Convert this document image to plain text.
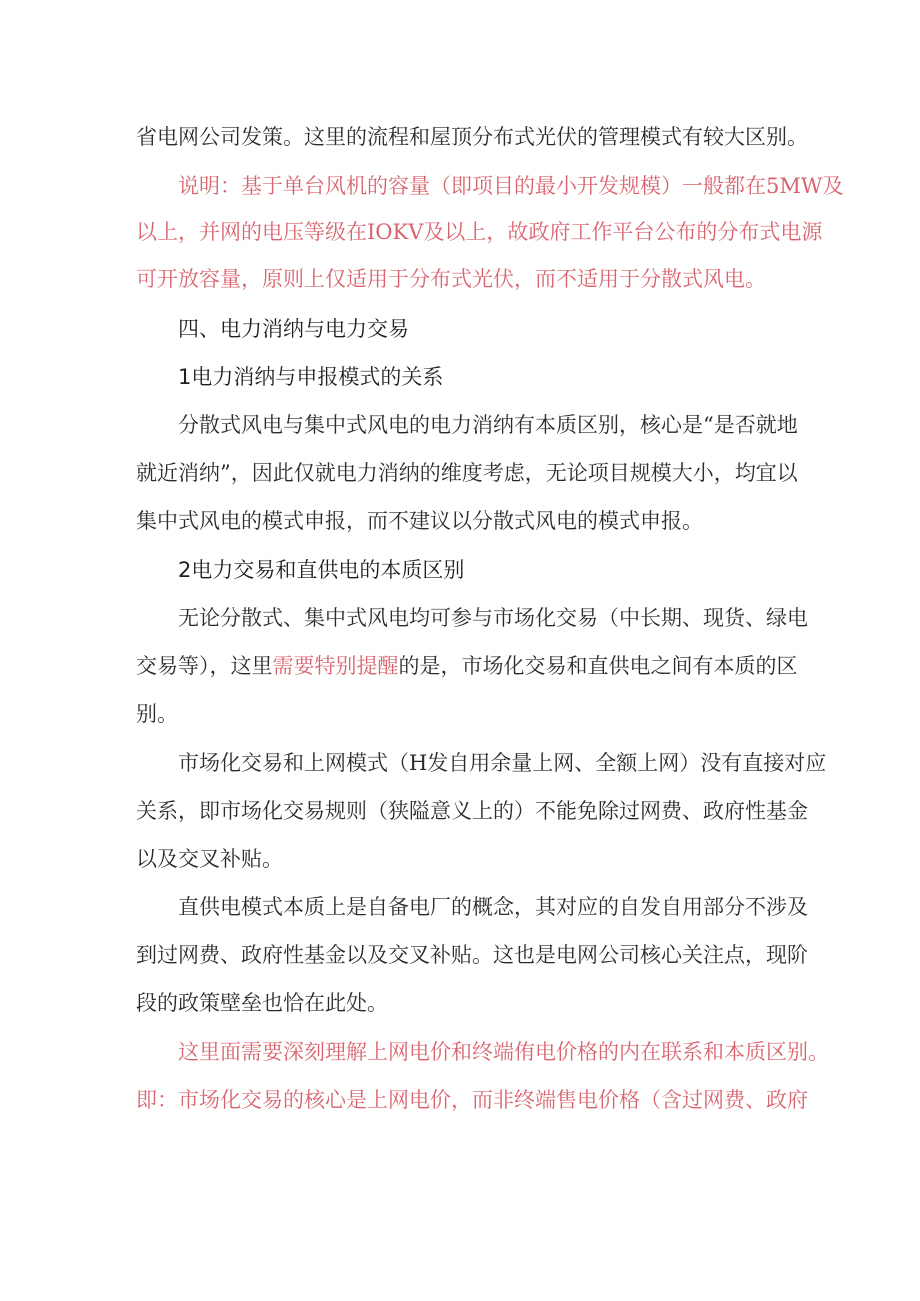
省电网公司发策。这里的流程和屋顶分布式光伏的管理模式有较大区别。
说明：基于单台风机的容量（即项目的最小开发规模）一般都在5MW及
以上，并网的电压等级在IOKV及以上，故政府工作平台公布的分布式电源
可开放容量，原则上仅适用于分布式光伏，而不适用于分散式风电。
四、电力消纳与电力交易
1电力消纳与申报模式的关系
分散式风电与集中式风电的电力消纳有本质区别，核心是“是否就地
就近消纳”，因此仅就电力消纳的维度考虑，无论项目规模大小，均宜以
集中式风电的模式申报，而不建议以分散式风电的模式申报。
2电力交易和直供电的本质区别
无论分散式、集中式风电均可参与市场化交易（中长期、现货、绿电
交易等），这里需要特别提醒的是，市场化交易和直供电之间有本质的区
别。
市场化交易和上网模式（H发自用余量上网、全额上网）没有直接对应
关系，即市场化交易规则（狭隘意义上的）不能免除过网费、政府性基金
以及交叉补贴。
直供电模式本质上是自备电厂的概念，其对应的自发自用部分不涉及
到过网费、政府性基金以及交叉补贴。这也是电网公司核心关注点，现阶
段的政策壁垒也恰在此处。
这里面需要深刻理解上网电价和终端侑电价格的内在联系和本质区别。
即：市场化交易的核心是上网电价，而非终端售电价格（含过网费、政府
